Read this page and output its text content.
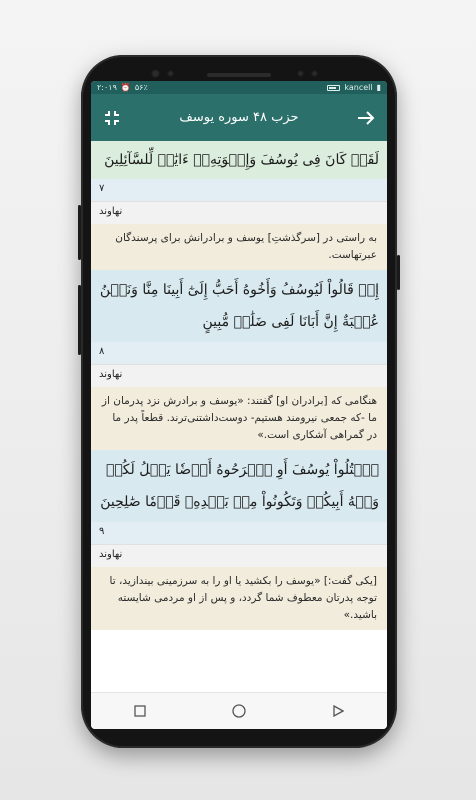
۲:۰۱۹ ⏰ ۵۶٪	kancell ▮
حزب ۴۸ سوره يوسف
لَقَدۡ كَانَ فِى يُوسُفَ وَإِخۡوَتِهِۦٓ ءَايَٰتٞ لِّلسَّآئِلِينَ
۷
نهاوند
به راستی در [سرگذشتِ] یوسف و برادرانش برای پرسندگان عبرتهاست.
إِذۡ قَالُواْ لَيُوسُفُ وَأَخُوهُ أَحَبُّ إِلَىٰٓ أَبِينَا مِنَّا وَنَحۡنُ عُصۡبَةٌ إِنَّ أَبَانَا لَفِى ضَلَٰلٖ مُّبِينٍ
۸
نهاوند
هنگامی که [برادران او] گفتند: «یوسف و برادرش نزد پدرمان از ما -که جمعی نیرومند هستیم- دوست‌داشتنی‌ترند. قطعاً پدر ما در گمراهی آشکاری است.»
ٱقۡتُلُواْ يُوسُفَ أَوِ ٱطۡرَحُوهُ أَرۡضٗا يَخۡلُ لَكُمۡ وَجۡهُ أَبِيكُمۡ وَتَكُونُواْ مِنۢ بَعۡدِهِۦ قَوۡمٗا صَٰلِحِينَ
۹
نهاوند
[یکی گفت:] «یوسف را بکشید یا او را به سرزمینی بیندازید، تا توجه پدرتان معطوف شما گردد، و پس از او مردمی شایسته باشید.»
